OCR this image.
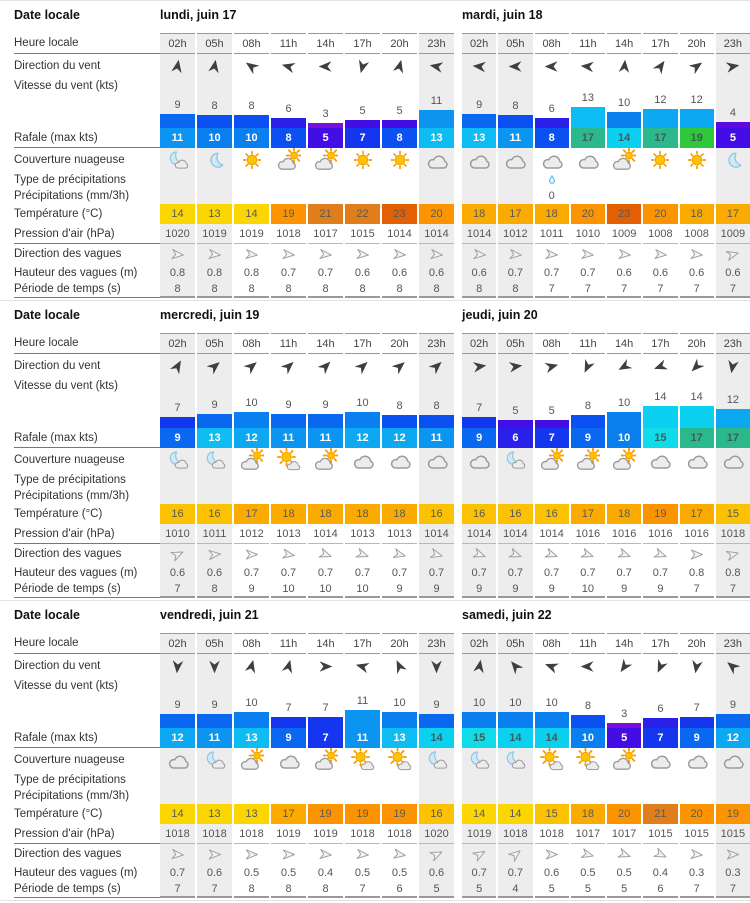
Date locale
Heure locale
Direction du vent
Vitesse du vent (kts)
Rafale (max kts)
Couverture nuageuse
Type de précipitations
Précipitations (mm/3h)
Température (°C)
Pression d'air (hPa)
Direction des vagues
Hauteur des vagues (m)
Période de temps (s)
lundi, juin 17
02h
9
11
14
1020
0.8
8
05h
8
10
13
1019
0.8
8
08h
8
10
14
1019
0.8
8
11h
6
8
19
1018
0.7
8
14h
3
5
21
1017
0.7
8
17h
5
7
22
1015
0.6
8
20h
5
8
23
1014
0.6
8
23h
11
13
20
1014
0.6
8
mardi, juin 18
02h
9
13
18
1014
0.6
8
05h
8
11
17
1012
0.7
8
08h
6
8
0
18
1011
0.7
7
11h
13
17
20
1010
0.7
7
14h
10
14
23
1009
0.6
7
17h
12
17
20
1008
0.6
7
20h
12
19
18
1008
0.6
7
23h
4
5
17
1009
0.6
7
Date locale
Heure locale
Direction du vent
Vitesse du vent (kts)
Rafale (max kts)
Couverture nuageuse
Type de précipitations
Précipitations (mm/3h)
Température (°C)
Pression d'air (hPa)
Direction des vagues
Hauteur des vagues (m)
Période de temps (s)
mercredi, juin 19
02h
7
9
16
1010
0.6
7
05h
9
13
16
1011
0.6
8
08h
10
12
17
1012
0.7
9
11h
9
11
18
1013
0.7
10
14h
9
11
18
1014
0.7
10
17h
10
12
18
1013
0.7
10
20h
8
12
18
1013
0.7
9
23h
8
11
16
1014
0.7
9
jeudi, juin 20
02h
7
9
16
1014
0.7
9
05h
5
6
16
1014
0.7
9
08h
5
7
16
1014
0.7
9
11h
8
9
17
1016
0.7
10
14h
10
10
18
1016
0.7
9
17h
14
15
19
1016
0.7
9
20h
14
17
17
1016
0.8
7
23h
12
17
15
1018
0.8
7
Date locale
Heure locale
Direction du vent
Vitesse du vent (kts)
Rafale (max kts)
Couverture nuageuse
Type de précipitations
Précipitations (mm/3h)
Température (°C)
Pression d'air (hPa)
Direction des vagues
Hauteur des vagues (m)
Période de temps (s)
vendredi, juin 21
02h
9
12
14
1018
0.7
7
05h
9
11
13
1018
0.6
7
08h
10
13
13
1018
0.5
8
11h
7
9
17
1019
0.5
8
14h
7
7
19
1019
0.4
8
17h
11
11
19
1018
0.5
7
20h
10
13
19
1018
0.5
6
23h
9
14
16
1020
0.6
5
samedi, juin 22
02h
10
15
14
1019
0.7
5
05h
10
14
14
1018
0.7
4
08h
10
14
15
1018
0.6
5
11h
8
10
18
1017
0.5
5
14h
3
5
20
1017
0.5
5
17h
6
7
21
1015
0.4
6
20h
7
9
20
1015
0.3
7
23h
9
12
19
1015
0.3
7
